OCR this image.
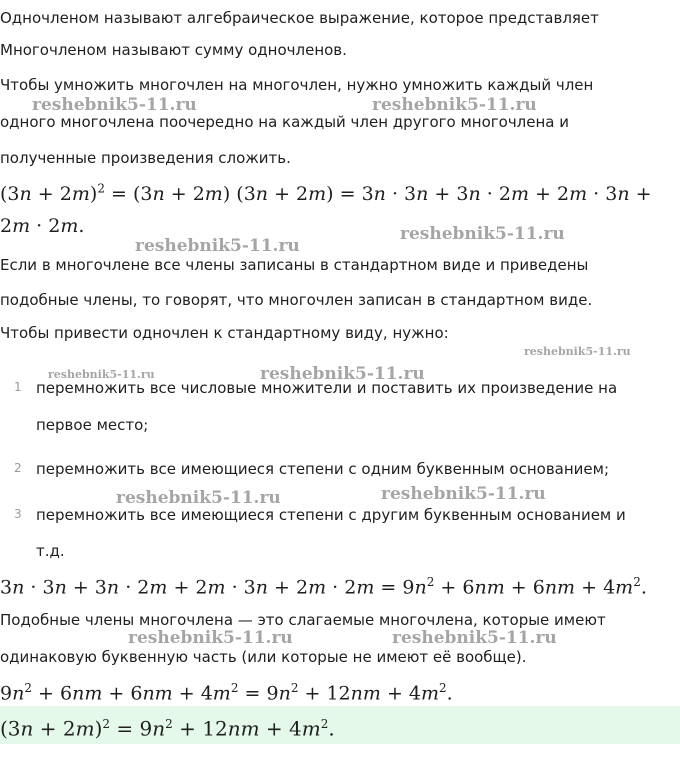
Одночленом называют алгебраическое выражение, которое представляет
Многочленом называют сумму одночленов.
Чтобы умножить многочлен на многочлен, нужно умножить каждый член
одного многочлена поочередно на каждый член другого многочлена и
полученные произведения сложить.
$(3n + 2m)^2 = (3n + 2m)$ (3n + 2m) = 3n · 3n + 3n · 2m + 2m · 3n +
2m · 2m.
Если в многочлене все члены записаны в стандартном виде и приведены
подобные члены, то говорят, что многочлен записан в стандартном виде.
Чтобы привести одночлен к стандартному виду, нужно:
1 перемножить все числовые множители и поставить их произведение на
первое место;
2 перемножить все имеющиеся степени с одним буквенным основанием;
3 перемножить все имеющиеся степени с другим буквенным основанием и
т.д.
$3n \cdot 3n + 3n \cdot 2m + 2m \cdot 3n + 2m \cdot 2m = 9n^2 + 6nm + 6nm + 4m^2$.
Подобные члены многочлена — это слагаемые многочлена, которые имеют
одинаковую буквенную часть (или которые не имеют её вообще).
$9n^2 + 6nm + 6nm + 4m^2 = 9n^2 + 12nm + 4m^2$.
$(3n + 2m)^2 = 9n^2 + 12nm + 4m^2$.
reshebnik5-11.ru	reshebnik5-11.ru
reshebnik5-11.ru
reshebnik5-11.ru
reshebnik5-11.ru
reshebnik5-11.ru	reshebnik5-11.ru
reshebnik5-11.ru	reshebnik5-11.ru
reshebnik5-11.ru	reshebnik5-11.ru
